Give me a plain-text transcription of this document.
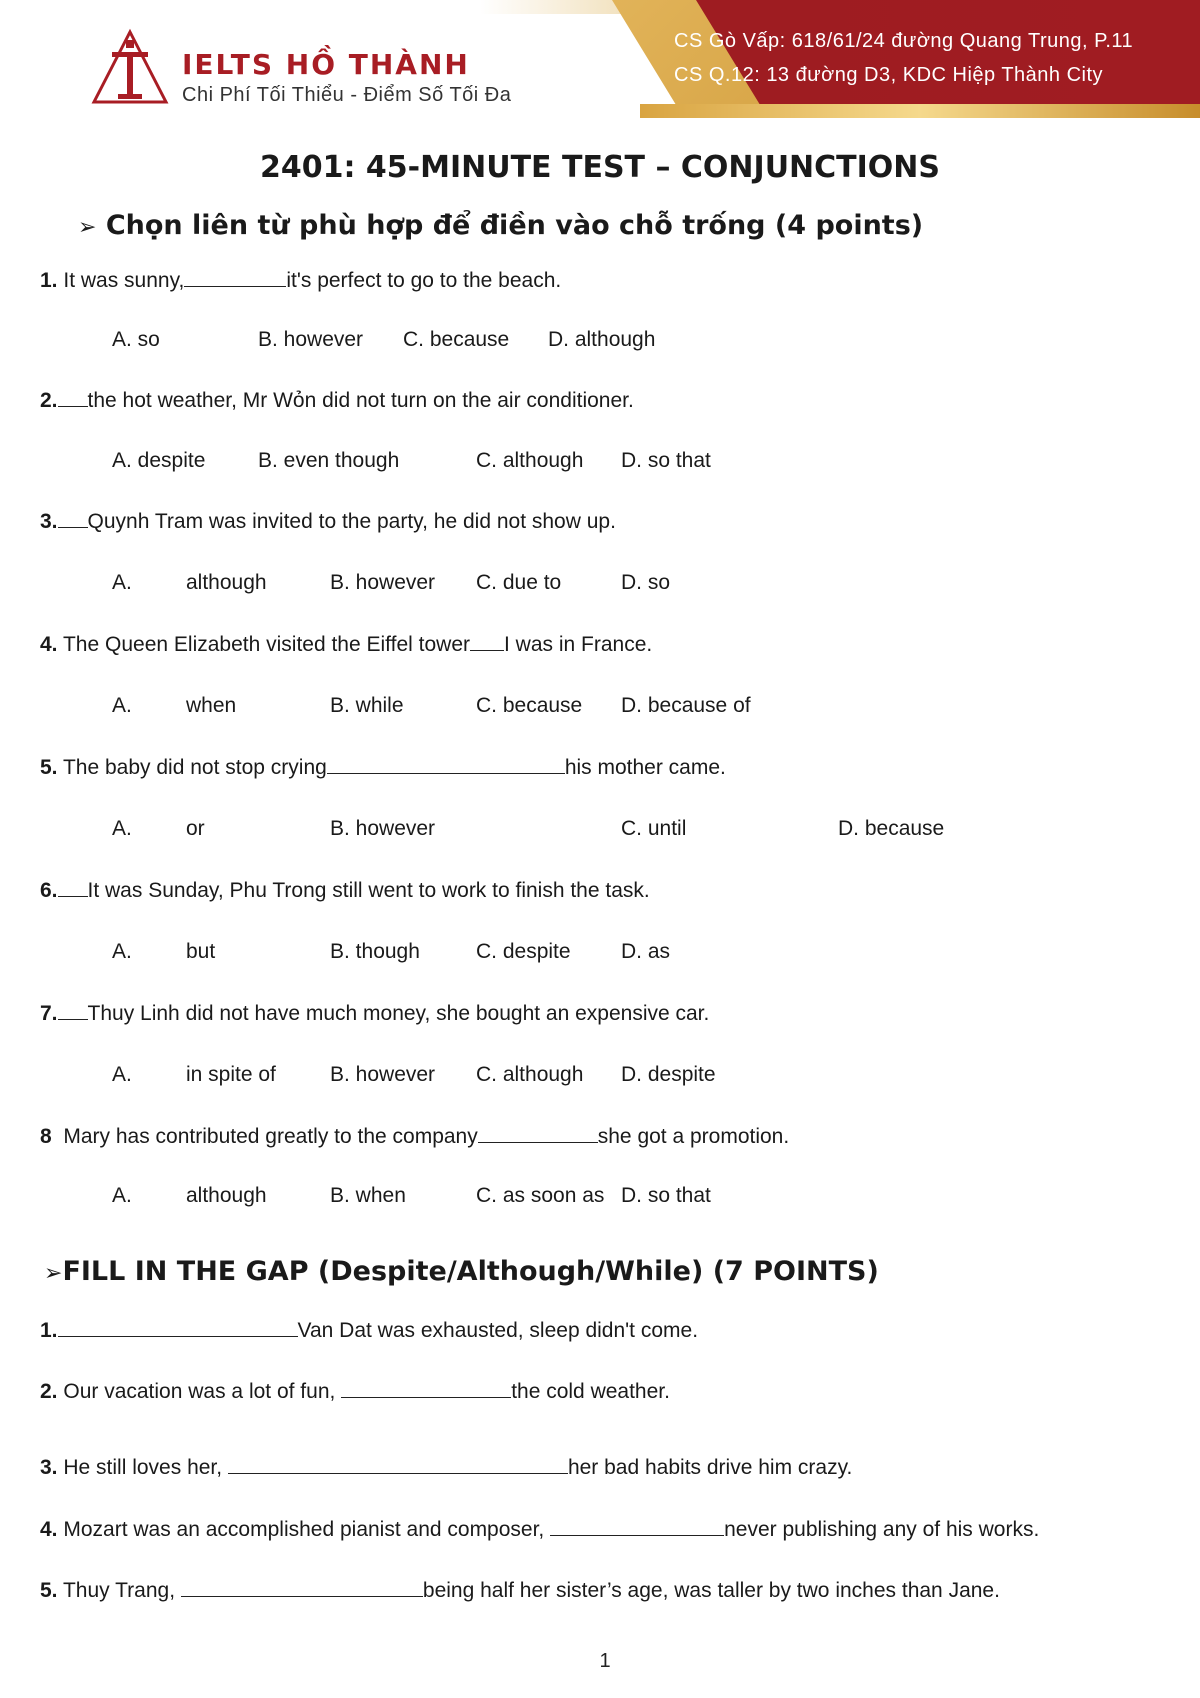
IELTS HỒ THÀNH
Chi Phí Tối Thiểu - Điểm Số Tối Đa
CS Gò Vấp: 618/61/24 đường Quang Trung, P.11
CS Q.12: 13 đường D3, KDC Hiệp Thành City
2401: 45-MINUTE TEST – CONJUNCTIONS
➢ Chọn liên từ phù hợp để điền vào chỗ trống (4 points)
1. It was sunny,	it's perfect to go to the beach.
A. so	B. however C. because D. although
2. the hot weather, Mr Wỏn did not turn on the air conditioner.
A. despite	B. even though	C. although D. so that
3. Quynh Tram was invited to the party, he did not show up.
A.	although	B. however C. due to	D. so
4. The Queen Elizabeth visited the Eiffel tower I was in France.
A.	when	B. while	C. because D. because of
5. The baby did not stop crying	his mother came.
A.	or	B. however	C. until	D. because
6. It was Sunday, Phu Trong still went to work to finish the task.
A.	but	B. though	C. despite D. as
7. Thuy Linh did not have much money, she bought an expensive car.
A.	in spite of	B. however C. although D. despite
8 Mary has contributed greatly to the company	she got a promotion.
A.	although	B. when	C. as soon as D. so that
➢FILL IN THE GAP (Despite/Although/While) (7 POINTS)
1.	Van Dat was exhausted, sleep didn't come.
2. Our vacation was a lot of fun,	the cold weather.
3. He still loves her,	her bad habits drive him crazy.
4. Mozart was an accomplished pianist and composer,	never publishing any of his works.
5. Thuy Trang,	being half her sister’s age, was taller by two inches than Jane.
1
